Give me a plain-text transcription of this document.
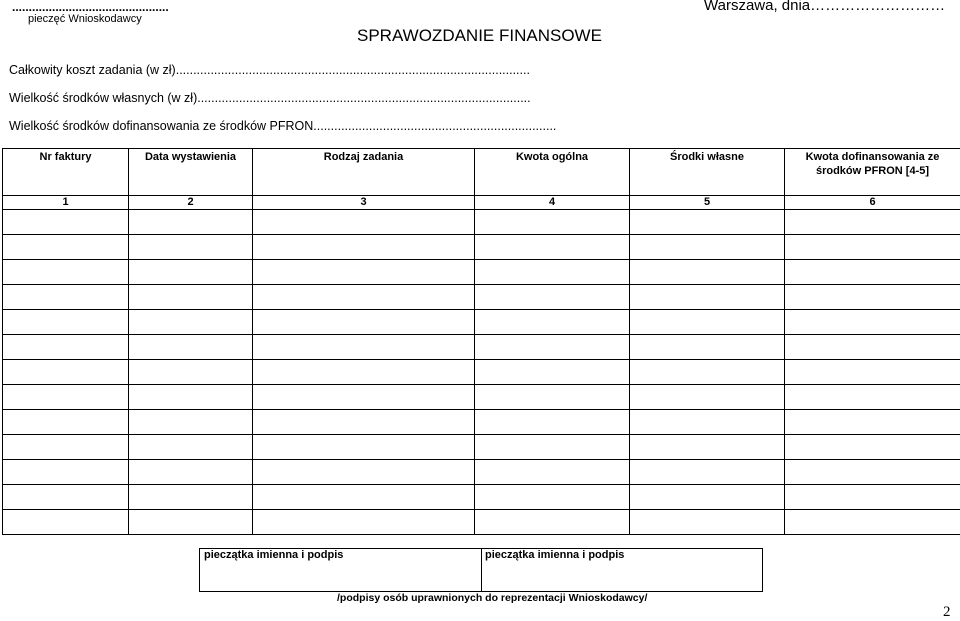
...............................................
pieczęć Wnioskodawcy
Warszawa, dnia………………………
SPRAWOZDANIE FINANSOWE
Całkowity koszt zadania (w zł)......................................................................................................
Wielkość środków własnych (w zł)................................................................................................
Wielkość środków dofinansowania ze środków PFRON......................................................................
Nr faktury	Data wystawienia	Rodzaj zadania	Kwota ogólna	Środki własne	Kwota dofinansowania ze środków PFRON [4-5]
1	2	3	4	5	6

pieczątka imienna i podpis	pieczątka imienna i podpis
/podpisy osób uprawnionych do reprezentacji Wnioskodawcy/
2
